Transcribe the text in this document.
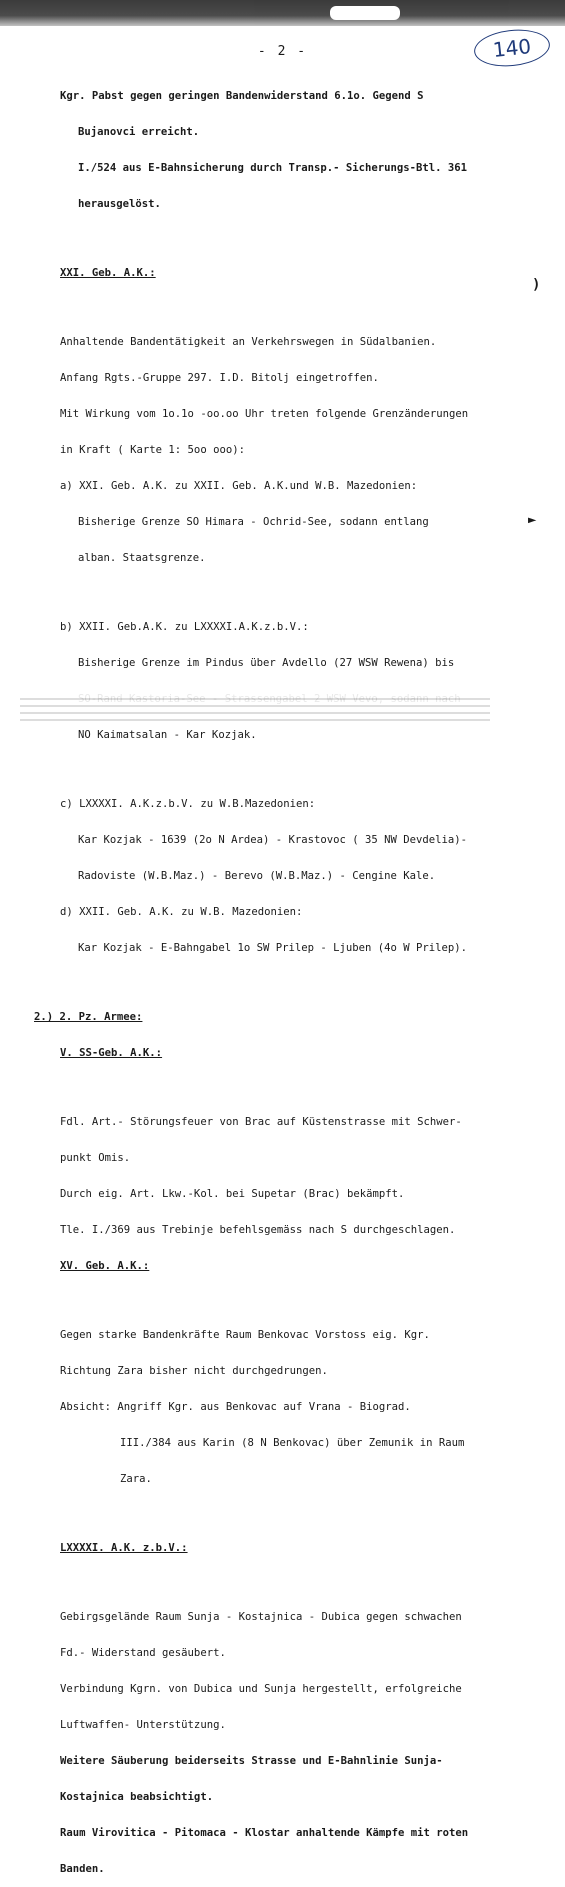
- 2 -	140

Kgr. Pabst gegen geringen Bandenwiderstand 6.1o. Gegend S

Bujanovci erreicht.

I./524 aus E-Bahnsicherung durch Transp.- Sicherungs-Btl. 361

herausgelöst.

XXI. Geb. A.K.:

Anhaltende Bandentätigkeit an Verkehrswegen in Südalbanien.

Anfang Rgts.-Gruppe 297. I.D. Bitolj eingetroffen.

Mit Wirkung vom 1o.1o -oo.oo Uhr treten folgende Grenzänderungen

in Kraft ( Karte 1: 5oo ooo):

a) XXI. Geb. A.K. zu XXII. Geb. A.K.und W.B. Mazedonien:

Bisherige Grenze SO Himara - Ochrid-See, sodann entlang

alban. Staatsgrenze.

b) XXII. Geb.A.K. zu LXXXXI.A.K.z.b.V.:

Bisherige Grenze im Pindus über Avdello (27 WSW Rewena) bis

NO Kaimatsalan - Kar Kozjak.

c) LXXXXI. A.K.z.b.V. zu W.B.Mazedonien:

Kar Kozjak - 1639 (2o N Ardea) - Krastovoc ( 35 NW Devdelia)-

Radoviste (W.B.Maz.) - Berevo (W.B.Maz.) - Cengine Kale.

d) XXII. Geb. A.K. zu W.B. Mazedonien:

Kar Kozjak - E-Bahngabel 1o SW Prilep - Ljuben (4o W Prilep).

2.) 2. Pz. Armee:

V. SS-Geb. A.K.:

Fdl. Art.- Störungsfeuer von Brac auf Küstenstrasse mit Schwer-

punkt Omis.

Durch eig. Art. Lkw.-Kol. bei Supetar (Brac) bekämpft.

Tle. I./369 aus Trebinje befehlsgemäss nach S durchgeschlagen.

XV. Geb. A.K.:

Gegen starke Bandenkräfte Raum Benkovac Vorstoss eig. Kgr.

Richtung Zara bisher nicht durchgedrungen.

Absicht: Angriff Kgr. aus Benkovac auf Vrana - Biograd.

III./384 aus Karin (8 N Benkovac) über Zemunik in Raum

Zara.

LXXXXI. A.K. z.b.V.:

Gebirgsgelände Raum Sunja - Kostajnica - Dubica gegen schwachen

Fd.- Widerstand gesäubert.

Verbindung Kgrn. von Dubica und Sunja hergestellt, erfolgreiche

Luftwaffen- Unterstützung.

Weitere Säuberung beiderseits Strasse und E-Bahnlinie Sunja-

Kostajnica beabsichtigt.

Raum Virovitica - Pitomaca - Klostar anhaltende Kämpfe mit roten

Banden.

)
►
